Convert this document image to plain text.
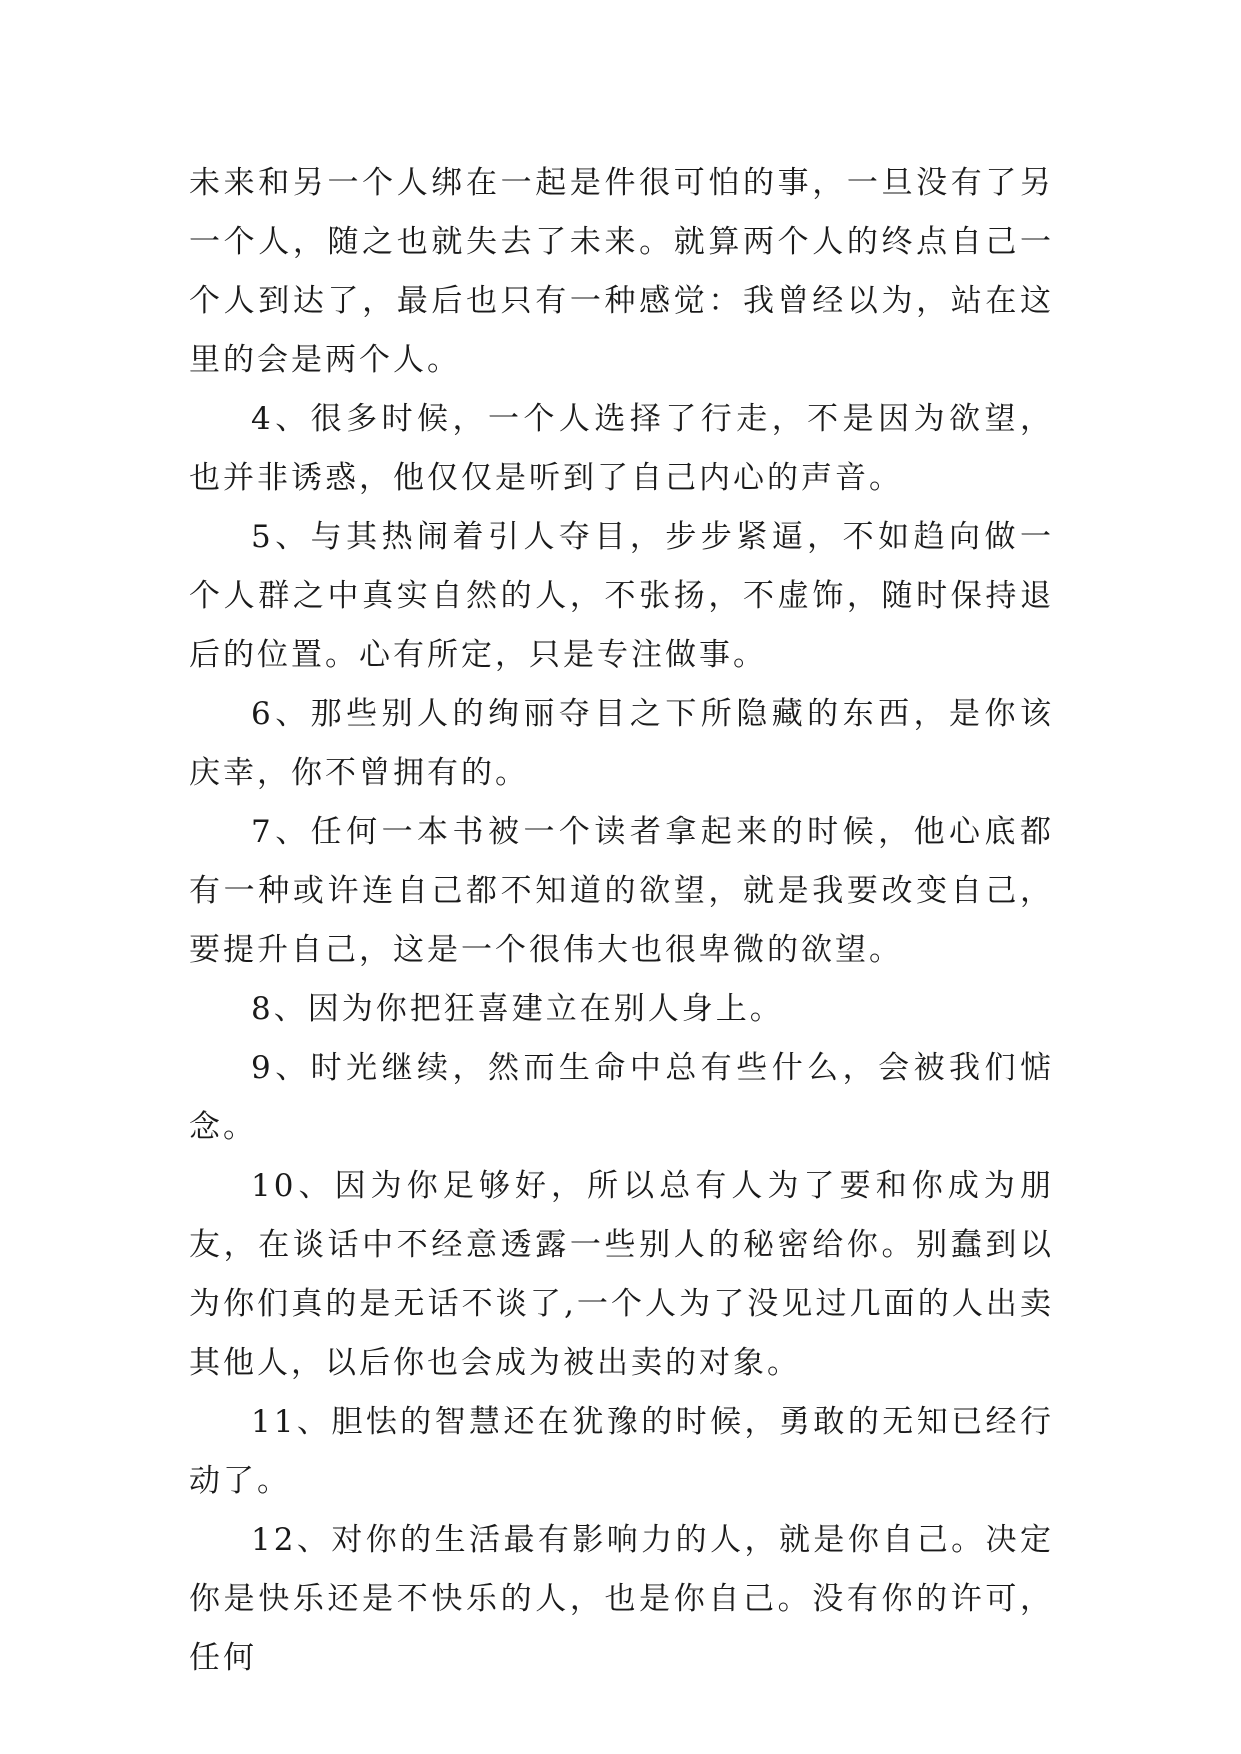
未来和另一个人绑在一起是件很可怕的事，一旦没有了另一个人，随之也就失去了未来。就算两个人的终点自己一个人到达了，最后也只有一种感觉：我曾经以为，站在这里的会是两个人。

4、很多时候，一个人选择了行走，不是因为欲望，也并非诱惑，他仅仅是听到了自己内心的声音。

5、与其热闹着引人夺目，步步紧逼，不如趋向做一个人群之中真实自然的人，不张扬，不虚饰，随时保持退后的位置。心有所定，只是专注做事。

6、那些别人的绚丽夺目之下所隐藏的东西，是你该庆幸，你不曾拥有的。

7、任何一本书被一个读者拿起来的时候，他心底都有一种或许连自己都不知道的欲望，就是我要改变自己，要提升自己，这是一个很伟大也很卑微的欲望。

8、因为你把狂喜建立在别人身上。

9、时光继续，然而生命中总有些什么，会被我们惦念。

10、因为你足够好，所以总有人为了要和你成为朋友，在谈话中不经意透露一些别人的秘密给你。别蠢到以为你们真的是无话不谈了,一个人为了没见过几面的人出卖其他人，以后你也会成为被出卖的对象。

11、胆怯的智慧还在犹豫的时候，勇敢的无知已经行动了。

12、对你的生活最有影响力的人，就是你自己。决定你是快乐还是不快乐的人，也是你自己。没有你的许可，任何
